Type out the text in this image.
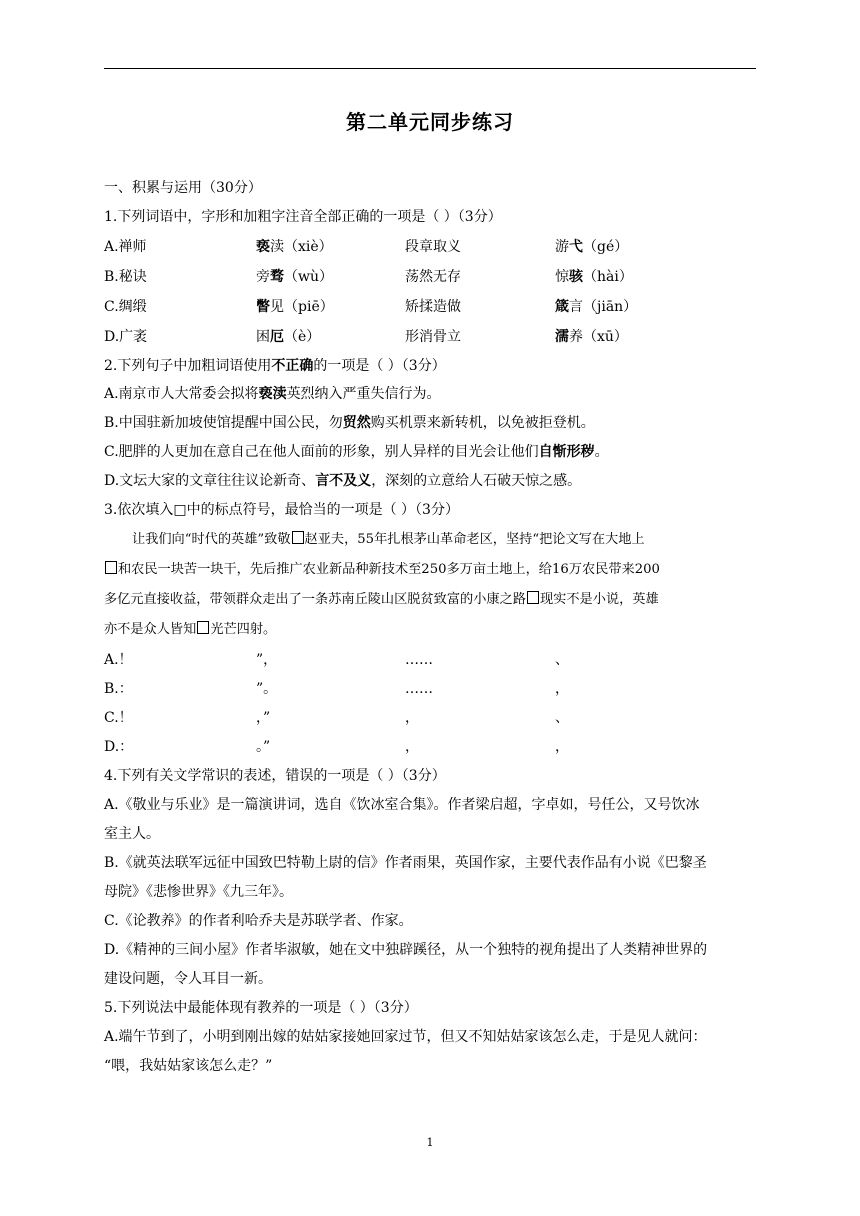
第二单元同步练习
一、积累与运用（30分）
1.下列词语中，字形和加粗字注音全部正确的一项是（ ）（3分）
A.禅师	亵渎（xiè）	段章取义	游弋（gé）
B.秘诀	旁骛（wù）	荡然无存	惊骇（hài）
C.绸缎	瞥见（piē）	矫揉造做	箴言（jiān）
D.广袤	困厄（è）	形消骨立	濡养（xū）
2.下列句子中加粗词语使用不正确的一项是（ ）（3分）
A.南京市人大常委会拟将亵渎英烈纳入严重失信行为。
B.中国驻新加坡使馆提醒中国公民，勿贸然购买机票来新转机，以免被拒登机。
C.肥胖的人更加在意自己在他人面前的形象，别人异样的目光会让他们自惭形秽。
D.文坛大家的文章往往议论新奇、言不及义，深刻的立意给人石破天惊之感。
3.依次填入□中的标点符号，最恰当的一项是（ ）（3分）
让我们向“时代的英雄”致敬 赵亚夫，55年扎根茅山革命老区，坚持“把论文写在大地上
和农民一块苦一块干，先后推广农业新品种新技术至250多万亩土地上，给16万农民带来200
多亿元直接收益，带领群众走出了一条苏南丘陵山区脱贫致富的小康之路 现实不是小说，英雄
亦不是众人皆知 光芒四射。
A.！	”，	……	、
B.：	”。	……	，
C.！	，”	，	、
D.：	。”	，	，
4.下列有关文学常识的表述，错误的一项是（ ）（3分）
A.《敬业与乐业》是一篇演讲词，选自《饮冰室合集》。作者梁启超，字卓如，号任公，又号饮冰
室主人。
B.《就英法联军远征中国致巴特勒上尉的信》作者雨果，英国作家，主要代表作品有小说《巴黎圣
母院》《悲惨世界》《九三年》。
C.《论教养》的作者利哈乔夫是苏联学者、作家。
D.《精神的三间小屋》作者毕淑敏，她在文中独辟蹊径，从一个独特的视角提出了人类精神世界的
建设问题，令人耳目一新。
5.下列说法中最能体现有教养的一项是（ ）（3分）
A.端午节到了，小明到刚出嫁的姑姑家接她回家过节，但又不知姑姑家该怎么走，于是见人就问：
“喂，我姑姑家该怎么走？”
1
